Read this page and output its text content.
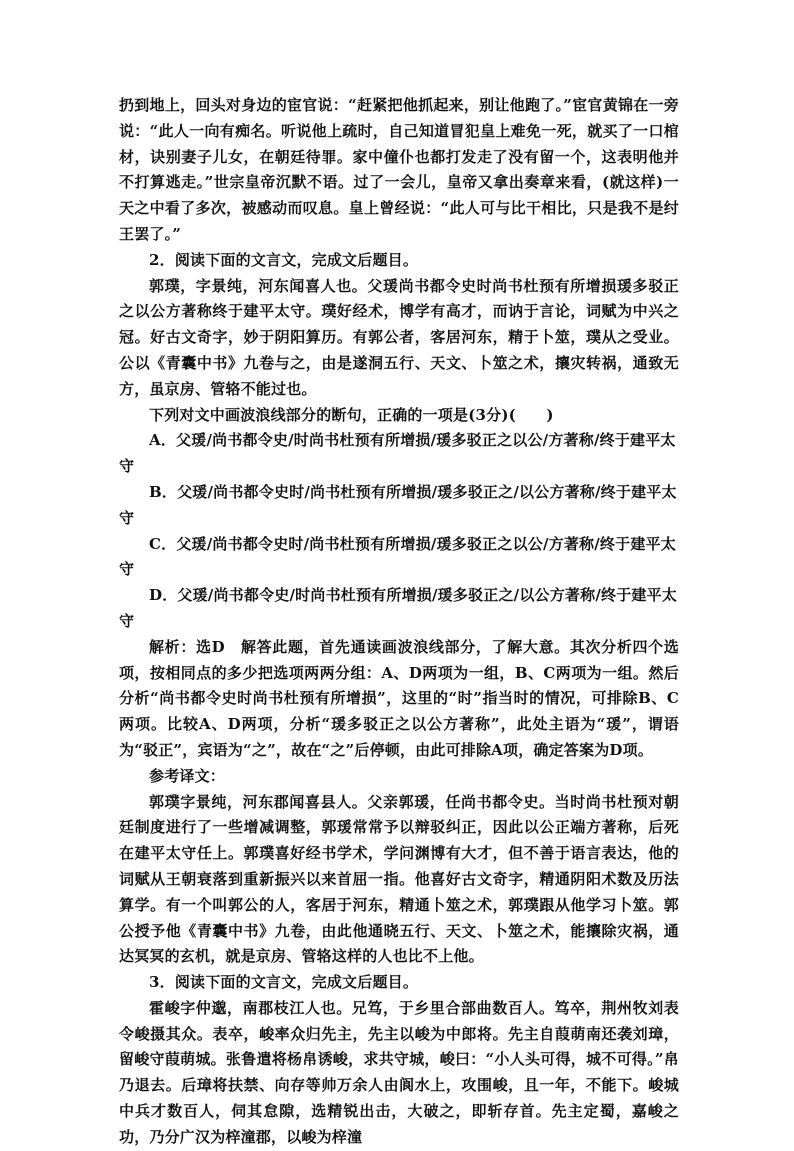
扔到地上，回头对身边的宦官说：“赶紧把他抓起来，别让他跑了。”宦官黄锦在一旁说：“此人一向有痴名。听说他上疏时，自己知道冒犯皇上难免一死，就买了一口棺材，诀别妻子儿女，在朝廷待罪。家中僮仆也都打发走了没有留一个，这表明他并不打算逃走。”世宗皇帝沉默不语。过了一会儿，皇帝又拿出奏章来看，(就这样)一天之中看了多次，被感动而叹息。皇上曾经说：“此人可与比干相比，只是我不是纣王罢了。”

2．阅读下面的文言文，完成文后题目。

郭璞，字景纯，河东闻喜人也。父瑗尚书都令史时尚书杜预有所增损瑗多驳正之以公方著称终于建平太守。璞好经术，博学有高才，而讷于言论，词赋为中兴之冠。好古文奇字，妙于阴阳算历。有郭公者，客居河东，精于卜筮，璞从之受业。公以《青囊中书》九卷与之，由是遂洞五行、天文、卜筮之术，攘灾转祸，通致无方，虽京房、管辂不能过也。

下列对文中画波浪线部分的断句，正确的一项是(3分)(　　)

A．父瑗/尚书都令史/时尚书杜预有所增损/瑗多驳正之以公/方著称/终于建平太守

B．父瑗/尚书都令史时/尚书杜预有所增损/瑗多驳正之/以公方著称/终于建平太守

C．父瑗/尚书都令史时/尚书杜预有所增损/瑗多驳正之以公/方著称/终于建平太守

D．父瑗/尚书都令史/时尚书杜预有所增损/瑗多驳正之/以公方著称/终于建平太守

解析：选D　解答此题，首先通读画波浪线部分，了解大意。其次分析四个选项，按相同点的多少把选项两两分组：A、D两项为一组，B、C两项为一组。然后分析“尚书都令史时尚书杜预有所增损”，这里的“时”指当时的情况，可排除B、C两项。比较A、D两项，分析“瑗多驳正之以公方著称”，此处主语为“瑗”，谓语为“驳正”，宾语为“之”，故在“之”后停顿，由此可排除A项，确定答案为D项。

参考译文：

郭璞字景纯，河东郡闻喜县人。父亲郭瑗，任尚书都令史。当时尚书杜预对朝廷制度进行了一些增减调整，郭瑗常常予以辩驳纠正，因此以公正端方著称，后死在建平太守任上。郭璞喜好经书学术，学问渊博有大才，但不善于语言表达，他的词赋从王朝衰落到重新振兴以来首屈一指。他喜好古文奇字，精通阴阳术数及历法算学。有一个叫郭公的人，客居于河东，精通卜筮之术，郭璞跟从他学习卜筮。郭公授予他《青囊中书》九卷，由此他通晓五行、天文、卜筮之术，能攘除灾祸，通达冥冥的玄机，就是京房、管辂这样的人也比不上他。

3．阅读下面的文言文，完成文后题目。

霍峻字仲邈，南郡枝江人也。兄笃，于乡里合部曲数百人。笃卒，荆州牧刘表令峻摄其众。表卒，峻率众归先主，先主以峻为中郎将。先主自葭萌南还袭刘璋，留峻守葭萌城。张鲁遣将杨帛诱峻，求共守城，峻曰：“小人头可得，城不可得。”帛乃退去。后璋将扶禁、向存等帅万余人由阆水上，攻围峻，且一年，不能下。峻城中兵才数百人，伺其怠隙，选精锐出击，大破之，即斩存首。先主定蜀，嘉峻之功，乃分广汉为梓潼郡，以峻为梓潼
